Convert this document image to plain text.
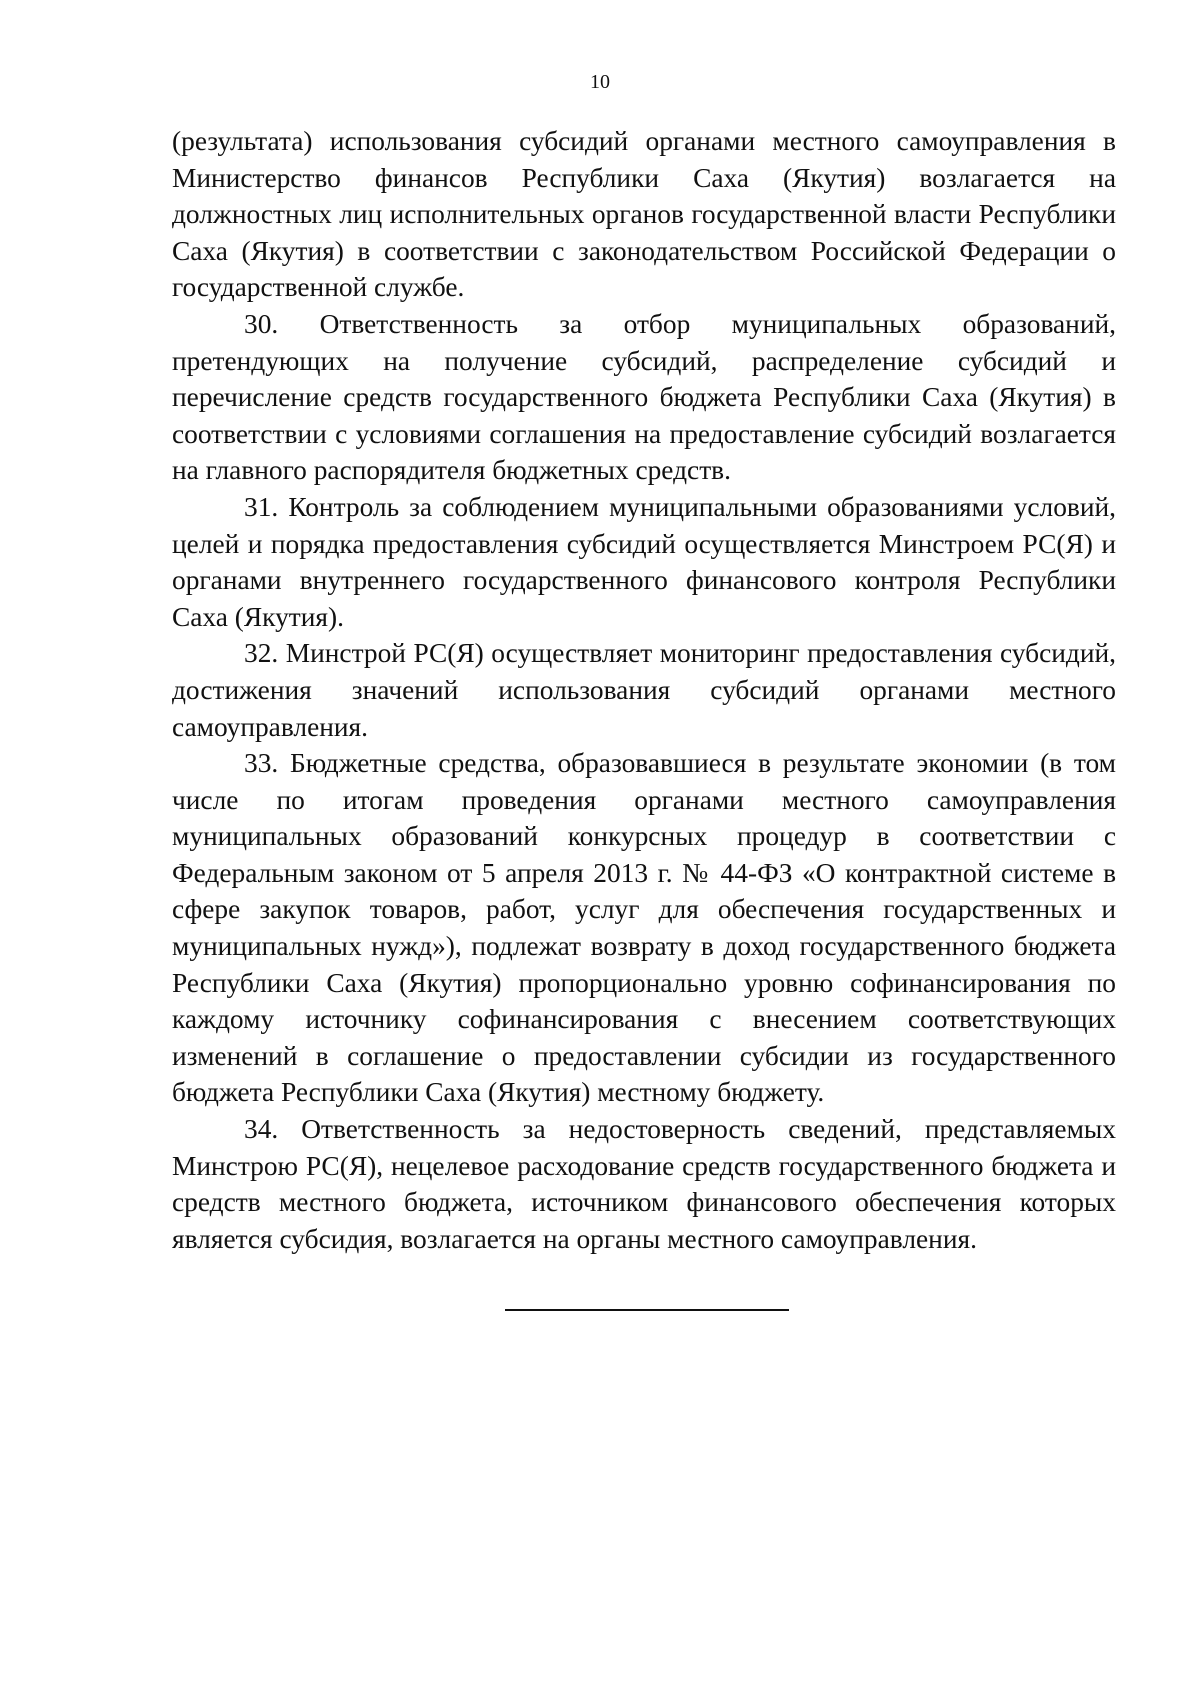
10

(результата) использования субсидий органами местного самоуправления в Министерство финансов Республики Саха (Якутия) возлагается на должностных лиц исполнительных органов государственной власти Республики Саха (Якутия) в соответствии с законодательством Российской Федерации о государственной службе.

30. Ответственность за отбор муниципальных образований, претендующих на получение субсидий, распределение субсидий и перечисление средств государственного бюджета Республики Саха (Якутия) в соответствии с условиями соглашения на предоставление субсидий возлагается на главного распорядителя бюджетных средств.

31. Контроль за соблюдением муниципальными образованиями условий, целей и порядка предоставления субсидий осуществляется Минстроем РС(Я) и органами внутреннего государственного финансового контроля Республики Саха (Якутия).

32. Минстрой РС(Я) осуществляет мониторинг предоставления субсидий, достижения значений использования субсидий органами местного самоуправления.

33. Бюджетные средства, образовавшиеся в результате экономии (в том числе по итогам проведения органами местного самоуправления муниципальных образований конкурсных процедур в соответствии с Федеральным законом от 5 апреля 2013 г. № 44-ФЗ «О контрактной системе в сфере закупок товаров, работ, услуг для обеспечения государственных и муниципальных нужд»), подлежат возврату в доход государственного бюджета Республики Саха (Якутия) пропорционально уровню софинансирования по каждому источнику софинансирования с внесением соответствующих изменений в соглашение о предоставлении субсидии из государственного бюджета Республики Саха (Якутия) местному бюджету.

34. Ответственность за недостоверность сведений, представляемых Минстрою РС(Я), нецелевое расходование средств государственного бюджета и средств местного бюджета, источником финансового обеспечения которых является субсидия, возлагается на органы местного самоуправления.
